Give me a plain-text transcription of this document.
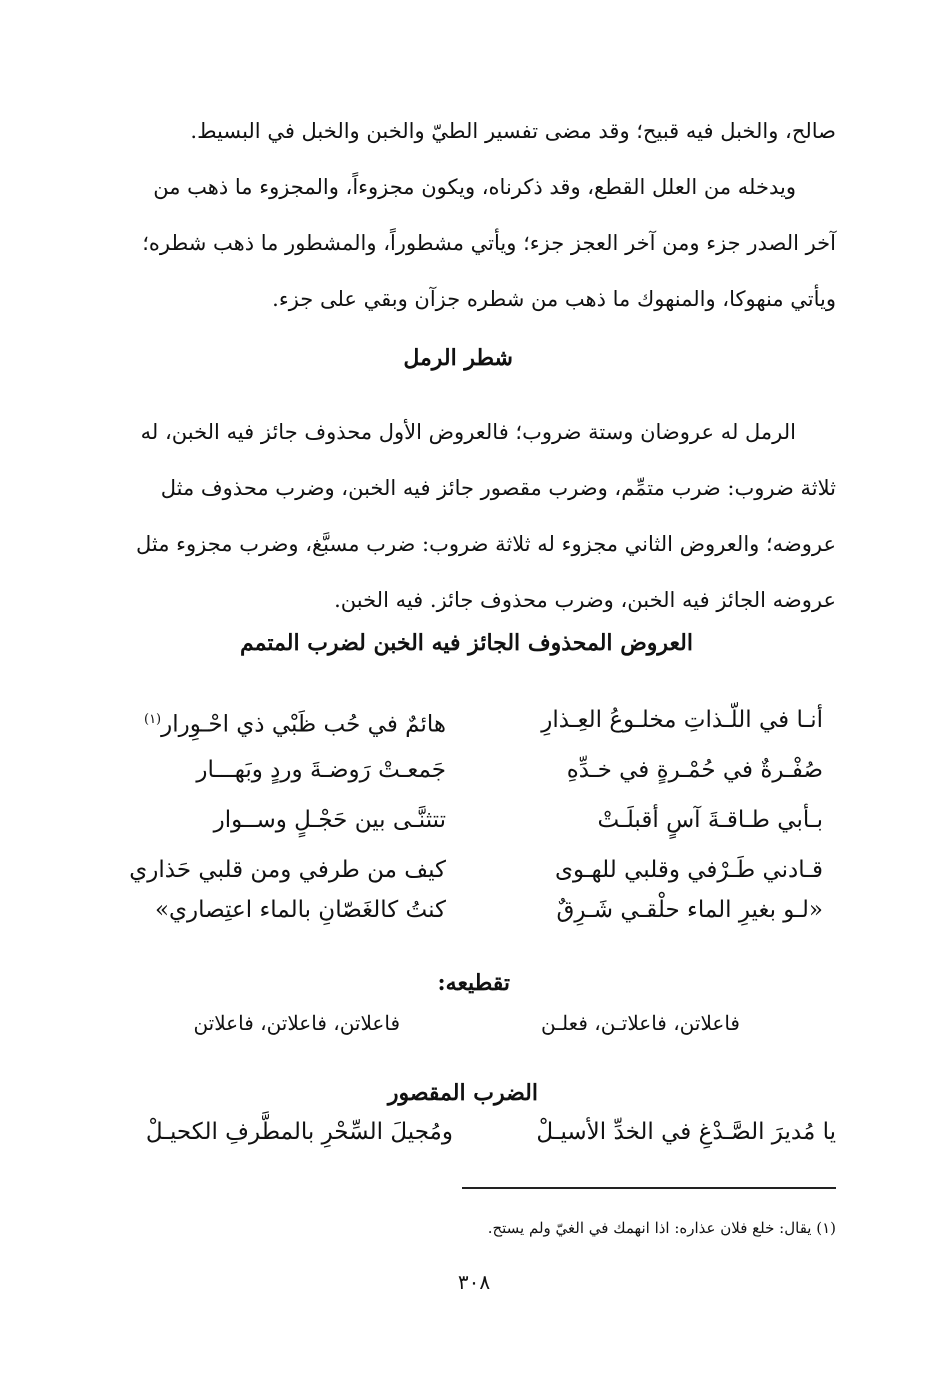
صالح، والخبل فيه قبيح؛ وقد مضى تفسير الطيّ والخبن والخبل في البسيط.
ويدخله من العلل القطع، وقد ذكرناه، ويكون مجزوءاً، والمجزوء ما ذهب من
آخر الصدر جزء ومن آخر العجز جزء؛ ويأتي مشطوراً، والمشطور ما ذهب شطره؛
ويأتي منهوكا، والمنهوك ما ذهب من شطره جزآن وبقي على جزء.
شطر الرمل
الرمل له عروضان وستة ضروب؛ فالعروض الأول محذوف جائز فيه الخبن، له
ثلاثة ضروب: ضرب متمِّم، وضرب مقصور جائز فيه الخبن، وضرب محذوف مثل
عروضه؛ والعروض الثاني مجزوء له ثلاثة ضروب: ضرب مسبَّغ، وضرب مجزوء مثل
عروضه الجائز فيه الخبن، وضرب محذوف جائز. فيه الخبن.
العروض المحذوف الجائز فيه الخبن لضرب المتمم
أنـا في اللّـذاتِ مخلـوعُ العِـذارِ
هائمٌ في حُب ظَبْي ذي احْـوِرار$^{(١)}$
صُفْـرةٌ في حُمْـرةٍ في خـدِّهِ
جَمعـتْ رَوضـةَ وردٍ وبَهـــار
بـأبي طـاقـةَ آسٍ أقبلَـتْ
تتثنَّـى بين حَجْـلٍ وســوار
قـادني طَـرْفي وقلبي للهـوى
كيف من طرفي ومن قلبي حَذاري
«لـو بغيرِ الماء حلْقـي شَـرِقٌ
كنتُ كالغَصّانِ بالماء اعتِصاري»
تقطيعه:
فاعلاتن، فاعلاتـن، فعلـن
فاعلاتن، فاعلاتن، فاعلاتن
الضرب المقصور
يا مُديرَ الصَّـدْغِ في الخدِّ الأسيـلْ
ومُجيلَ السِّحْرِ بالمطَّرفِ الكحيـلْ
(١) يقال: خلع فلان عذاره: اذا انهمك في الغيّ ولم يستح.
٣٠٨
